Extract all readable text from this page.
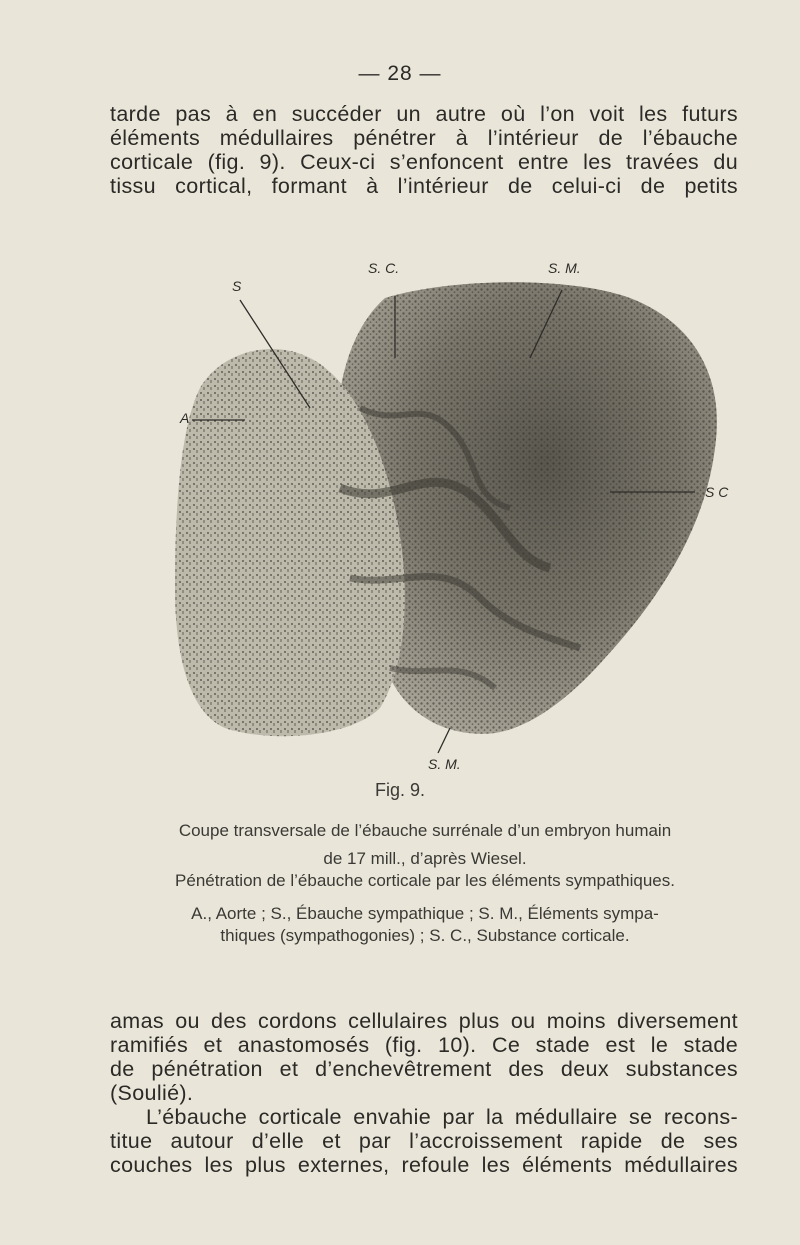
— 28 —
tarde pas à en succéder un autre où l’on voit les futurs
éléments médullaires pénétrer à l’intérieur de l’ébauche
corticale (fig. 9). Ceux-ci s’enfoncent entre les travées du
tissu cortical, formant à l’intérieur de celui-ci de petits
S. C.	S. M.
S
A
S C
S. M.
Fig. 9.
Coupe transversale de l’ébauche surrénale d’un embryon humain
de 17 mill., d’après Wiesel.
Pénétration de l’ébauche corticale par les éléments sympathiques.
A., Aorte ; S., Ébauche sympathique ; S. M., Éléments sympa-
thiques (sympathogonies) ; S. C., Substance corticale.
amas ou des cordons cellulaires plus ou moins diversement
ramifiés et anastomosés (fig. 10). Ce stade est le stade
de pénétration et d’enchevêtrement des deux substances
(Soulié).
L’ébauche corticale envahie par la médullaire se recons-
titue autour d’elle et par l’accroissement rapide de ses
couches les plus externes, refoule les éléments médullaires
